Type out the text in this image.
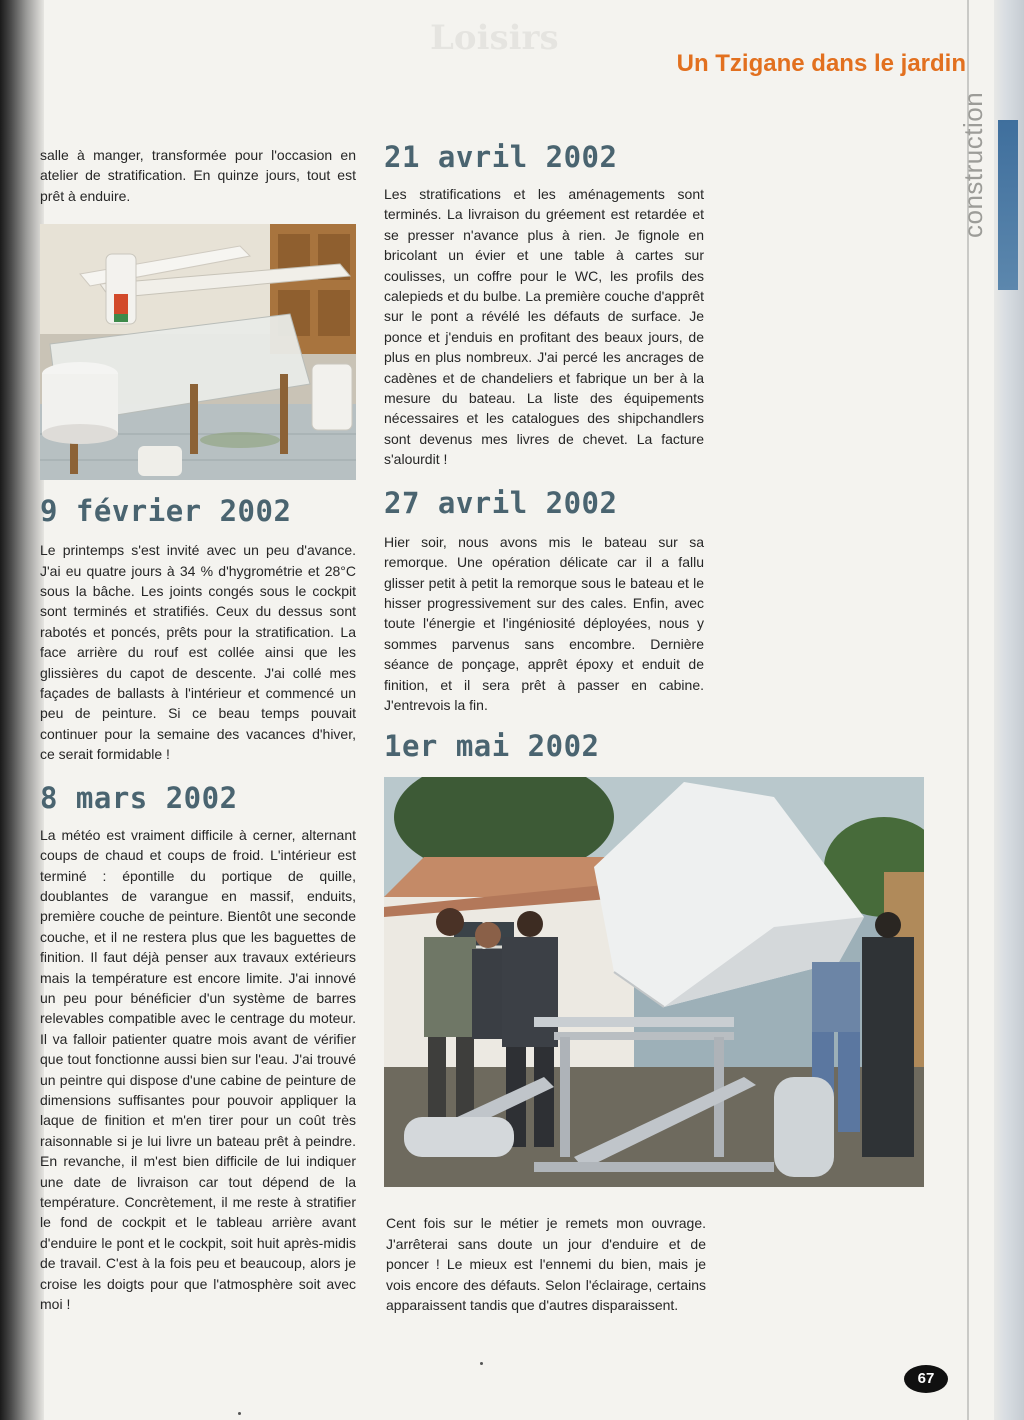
Loisirs
Un Tzigane dans le jardin
construction

salle à manger, transformée pour l'occasion en atelier de stratification. En quinze jours, tout est prêt à enduire.

9 février 2002

Le printemps s'est invité avec un peu d'avance. J'ai eu quatre jours à 34 % d'hygrométrie et 28°C sous la bâche. Les joints congés sous le cockpit sont terminés et stratifiés. Ceux du dessus sont rabotés et poncés, prêts pour la stratification. La face arrière du rouf est collée ainsi que les glissières du capot de descente. J'ai collé mes façades de ballasts à l'intérieur et commencé un peu de peinture. Si ce beau temps pouvait continuer pour la semaine des vacances d'hiver, ce serait formidable !

8 mars 2002

La météo est vraiment difficile à cerner, alternant coups de chaud et coups de froid. L'intérieur est terminé : épontille du portique de quille, doublantes de varangue en massif, enduits, première couche de peinture. Bientôt une seconde couche, et il ne restera plus que les baguettes de finition. Il faut déjà penser aux travaux extérieurs mais la température est encore limite. J'ai innové un peu pour bénéficier d'un système de barres relevables compatible avec le centrage du moteur. Il va falloir patienter quatre mois avant de vérifier que tout fonctionne aussi bien sur l'eau. J'ai trouvé un peintre qui dispose d'une cabine de peinture de dimensions suffisantes pour pouvoir appliquer la laque de finition et m'en tirer pour un coût très raisonnable si je lui livre un bateau prêt à peindre. En revanche, il m'est bien difficile de lui indiquer une date de livraison car tout dépend de la température. Concrètement, il me reste à stratifier le fond de cockpit et le tableau arrière avant d'enduire le pont et le cockpit, soit huit après-midis de travail. C'est à la fois peu et beaucoup, alors je croise les doigts pour que l'atmosphère soit avec moi !

21 avril 2002

Les stratifications et les aménagements sont terminés. La livraison du gréement est retardée et se presser n'avance plus à rien. Je fignole en bricolant un évier et une table à cartes sur coulisses, un coffre pour le WC, les profils des calepieds et du bulbe. La première couche d'apprêt sur le pont a révélé les défauts de surface. Je ponce et j'enduis en profitant des beaux jours, de plus en plus nombreux. J'ai percé les ancrages de cadènes et de chandeliers et fabrique un ber à la mesure du bateau. La liste des équipements nécessaires et les catalogues des shipchandlers sont devenus mes livres de chevet. La facture s'alourdit !

27 avril 2002

Hier soir, nous avons mis le bateau sur sa remorque. Une opération délicate car il a fallu glisser petit à petit la remorque sous le bateau et le hisser progressivement sur des cales. Enfin, avec toute l'énergie et l'ingéniosité déployées, nous y sommes parvenus sans encombre. Dernière séance de ponçage, apprêt époxy et enduit de finition, et il sera prêt à passer en cabine. J'entrevois la fin.

1er mai 2002

Cent fois sur le métier je remets mon ouvrage. J'arrêterai sans doute un jour d'enduire et de poncer ! Le mieux est l'ennemi du bien, mais je vois encore des défauts. Selon l'éclairage, certains apparaissent tandis que d'autres disparaissent.

67
